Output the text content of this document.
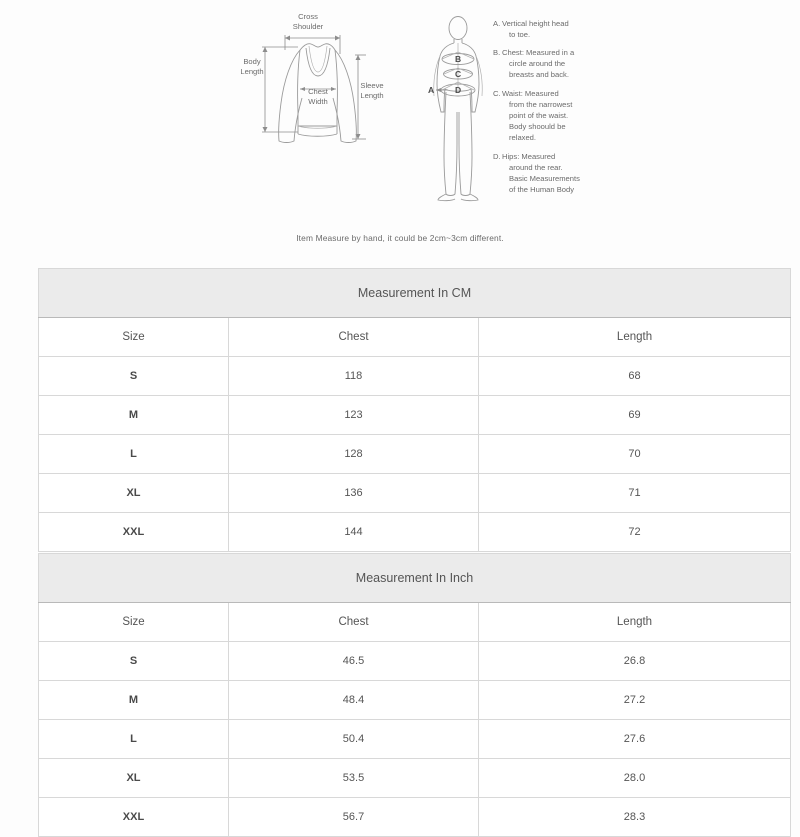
Cross
Shoulder
Body
Length
Sleeve
Length
Chest
Width
A
B
C
D
A. Vertical height head
to toe.
B. Chest: Measured in a
circle around the
breasts and back.
C. Waist: Measured
from the narrowest
point of the waist.
Body shoould be
relaxed.
D. Hips: Measured
around the rear.
Basic Measurements
of the Human Body
Item Measure by hand, it could be 2cm~3cm different.
Measurement In CM		
Size	Chest	Length
S	118	68
M	123	69
L	128	70
XL	136	71
XXL	144	72
Measurement In Inch		
Size	Chest	Length
S	46.5	26.8
M	48.4	27.2
L	50.4	27.6
XL	53.5	28.0
XXL	56.7	28.3
